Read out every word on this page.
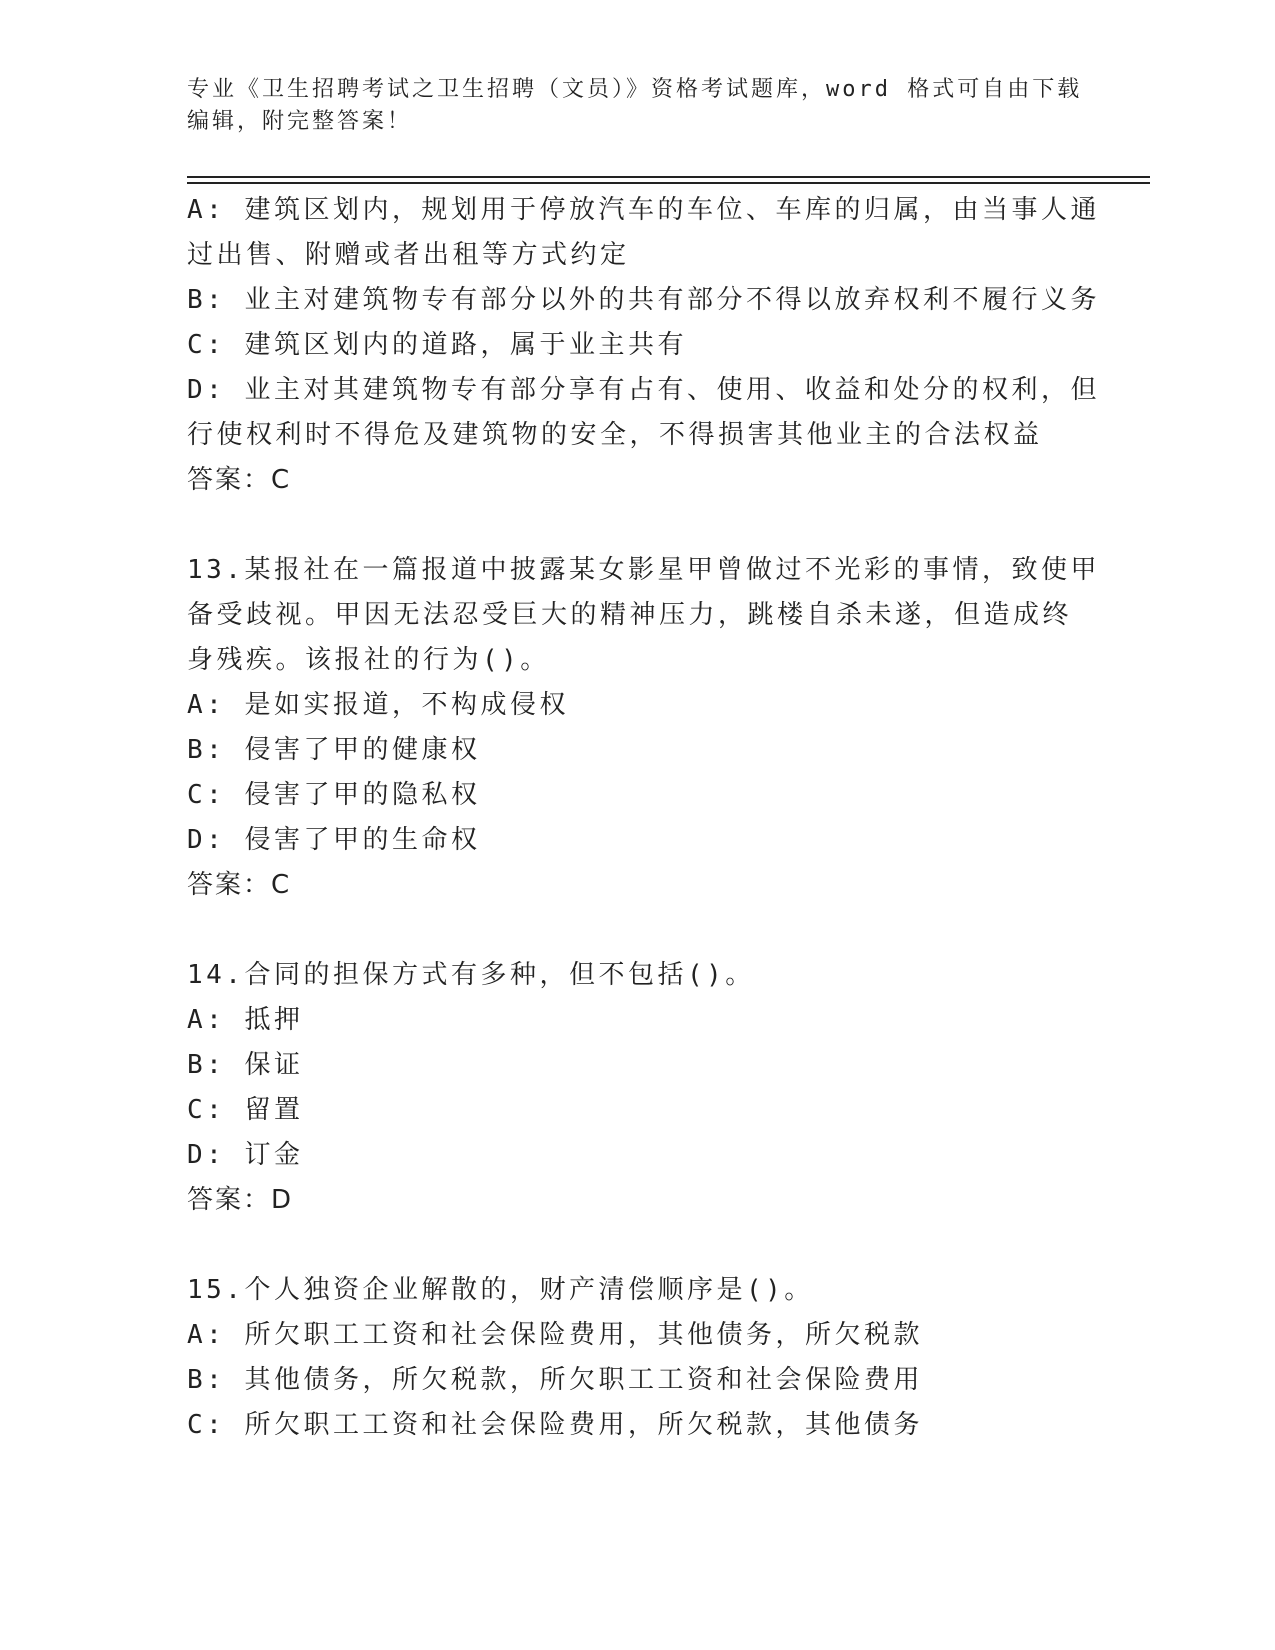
专业《卫生招聘考试之卫生招聘（文员）》资格考试题库，word 格式可自由下载
编辑，附完整答案！
A: 建筑区划内，规划用于停放汽车的车位、车库的归属，由当事人通
过出售、附赠或者出租等方式约定
B: 业主对建筑物专有部分以外的共有部分不得以放弃权利不履行义务
C: 建筑区划内的道路，属于业主共有
D: 业主对其建筑物专有部分享有占有、使用、收益和处分的权利，但
行使权利时不得危及建筑物的安全，不得损害其他业主的合法权益
答案：C
13.某报社在一篇报道中披露某女影星甲曾做过不光彩的事情，致使甲
备受歧视。甲因无法忍受巨大的精神压力，跳楼自杀未遂，但造成终
身残疾。该报社的行为()。
A: 是如实报道，不构成侵权
B: 侵害了甲的健康权
C: 侵害了甲的隐私权
D: 侵害了甲的生命权
答案：C
14.合同的担保方式有多种，但不包括()。
A: 抵押
B: 保证
C: 留置
D: 订金
答案：D
15.个人独资企业解散的，财产清偿顺序是()。
A: 所欠职工工资和社会保险费用，其他债务，所欠税款
B: 其他债务，所欠税款，所欠职工工资和社会保险费用
C: 所欠职工工资和社会保险费用，所欠税款，其他债务
